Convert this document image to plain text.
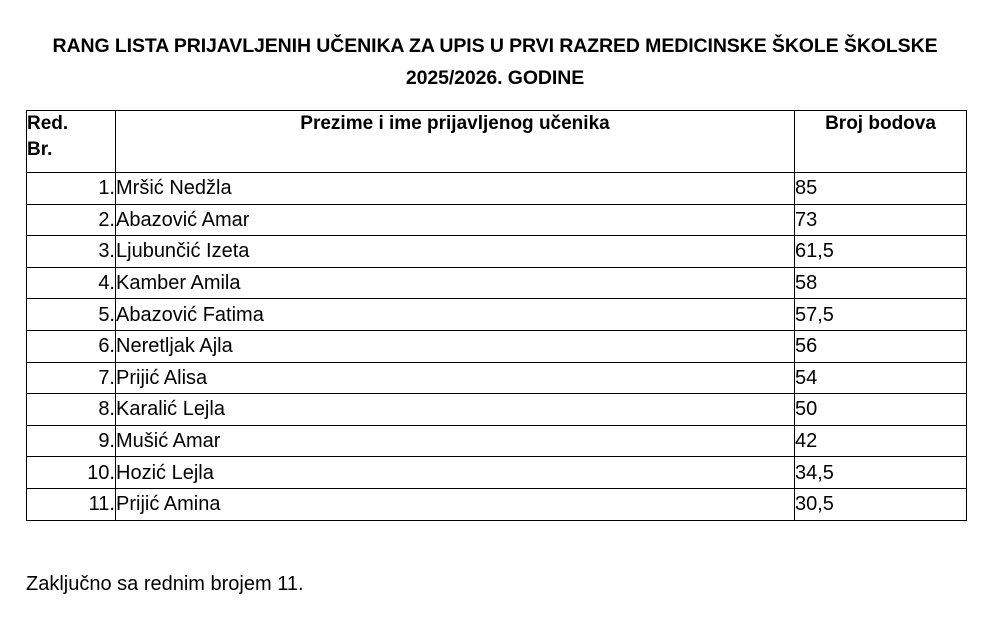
RANG LISTA PRIJAVLJENIH UČENIKA ZA UPIS U PRVI RAZRED MEDICINSKE ŠKOLE ŠKOLSKE
2025/2026. GODINE
Red.
Br.	Prezime i ime prijavljenog učenika	Broj bodova
1.	Mršić Nedžla	85
2.	Abazović Amar	73
3.	Ljubunčić Izeta	61,5
4.	Kamber Amila	58
5.	Abazović Fatima	57,5
6.	Neretljak Ajla	56
7.	Prijić Alisa	54
8.	Karalić Lejla	50
9.	Mušić Amar	42
10.	Hozić Lejla	34,5
11.	Prijić Amina	30,5
Zaključno sa rednim brojem 11.
